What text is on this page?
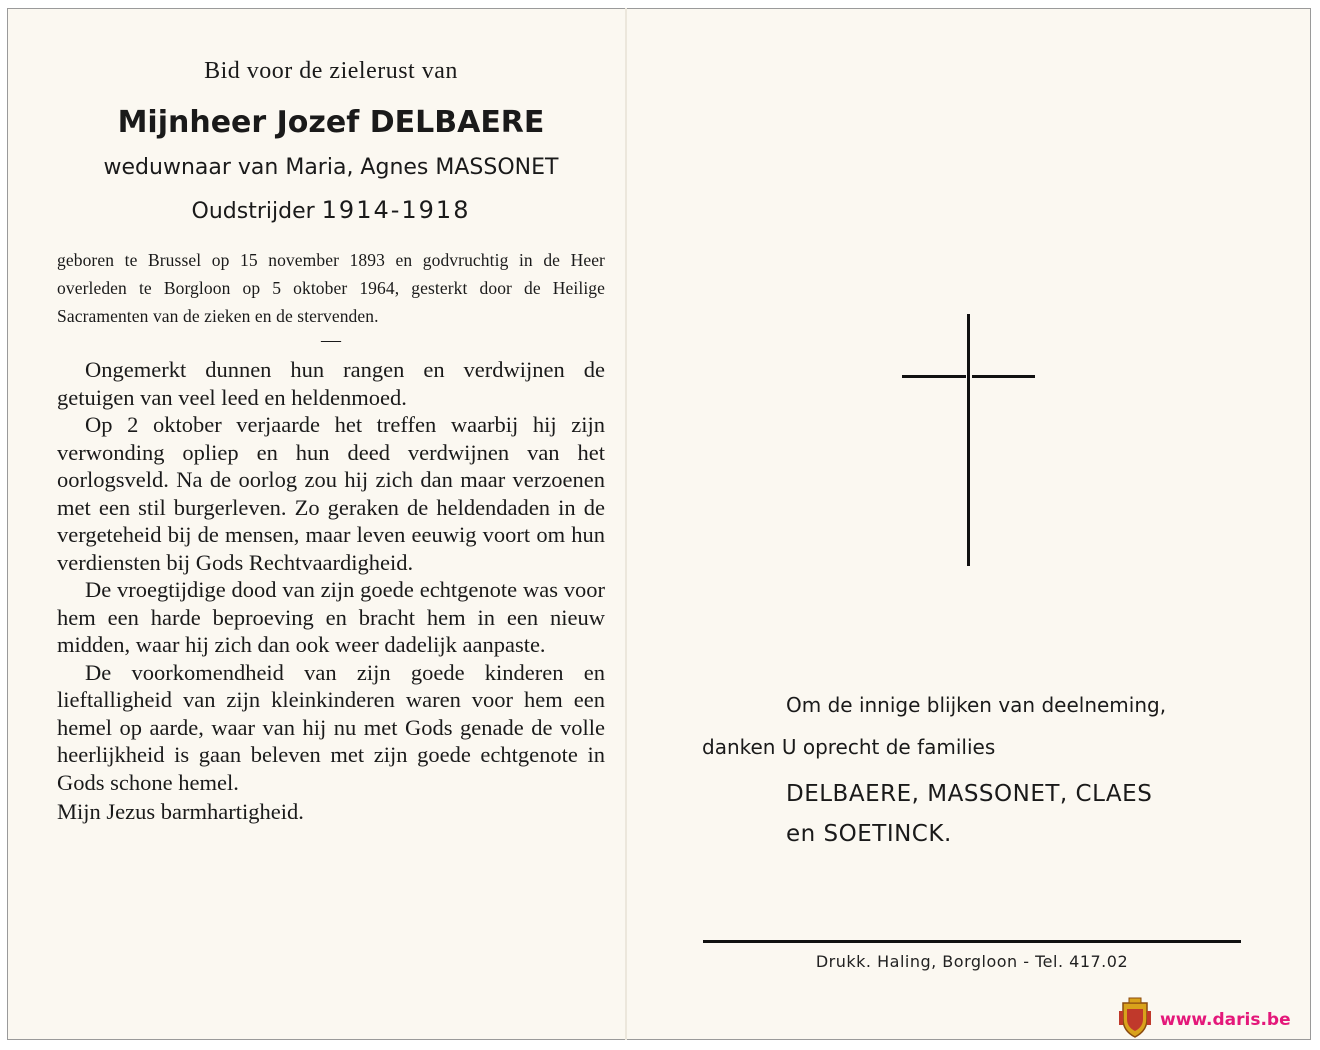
Bid voor de zielerust van
Mijnheer Jozef DELBAERE
weduwnaar van Maria, Agnes MASSONET
Oudstrijder 1914-1918

geboren te Brussel op 15 november 1893 en godvruchtig in de Heer overleden te Borgloon op 5 oktober 1964, gesterkt door de Heilige Sacramenten van de zieken en de stervenden.

—

Ongemerkt dunnen hun rangen en verdwijnen de getuigen van veel leed en heldenmoed.

Op 2 oktober verjaarde het treffen waarbij hij zijn verwonding opliep en hun deed verdwijnen van het oorlogsveld. Na de oorlog zou hij zich dan maar verzoenen met een stil burgerleven. Zo geraken de heldendaden in de vergeteheid bij de mensen, maar leven eeuwig voort om hun verdiensten bij Gods Rechtvaardigheid.

De vroegtijdige dood van zijn goede echtgenote was voor hem een harde beproeving en bracht hem in een nieuw midden, waar hij zich dan ook weer dadelijk aanpaste.

De voorkomendheid van zijn goede kinderen en lieftalligheid van zijn kleinkinderen waren voor hem een hemel op aarde, waar van hij nu met Gods genade de volle heerlijkheid is gaan beleven met zijn goede echtgenote in Gods schone hemel.

Mijn Jezus barmhartigheid.

Om de innige blijken van deelneming,
danken U oprecht de families
DELBAERE, MASSONET, CLAES
en SOETINCK.
Drukk. Haling, Borgloon - Tel. 417.02
www.daris.be
